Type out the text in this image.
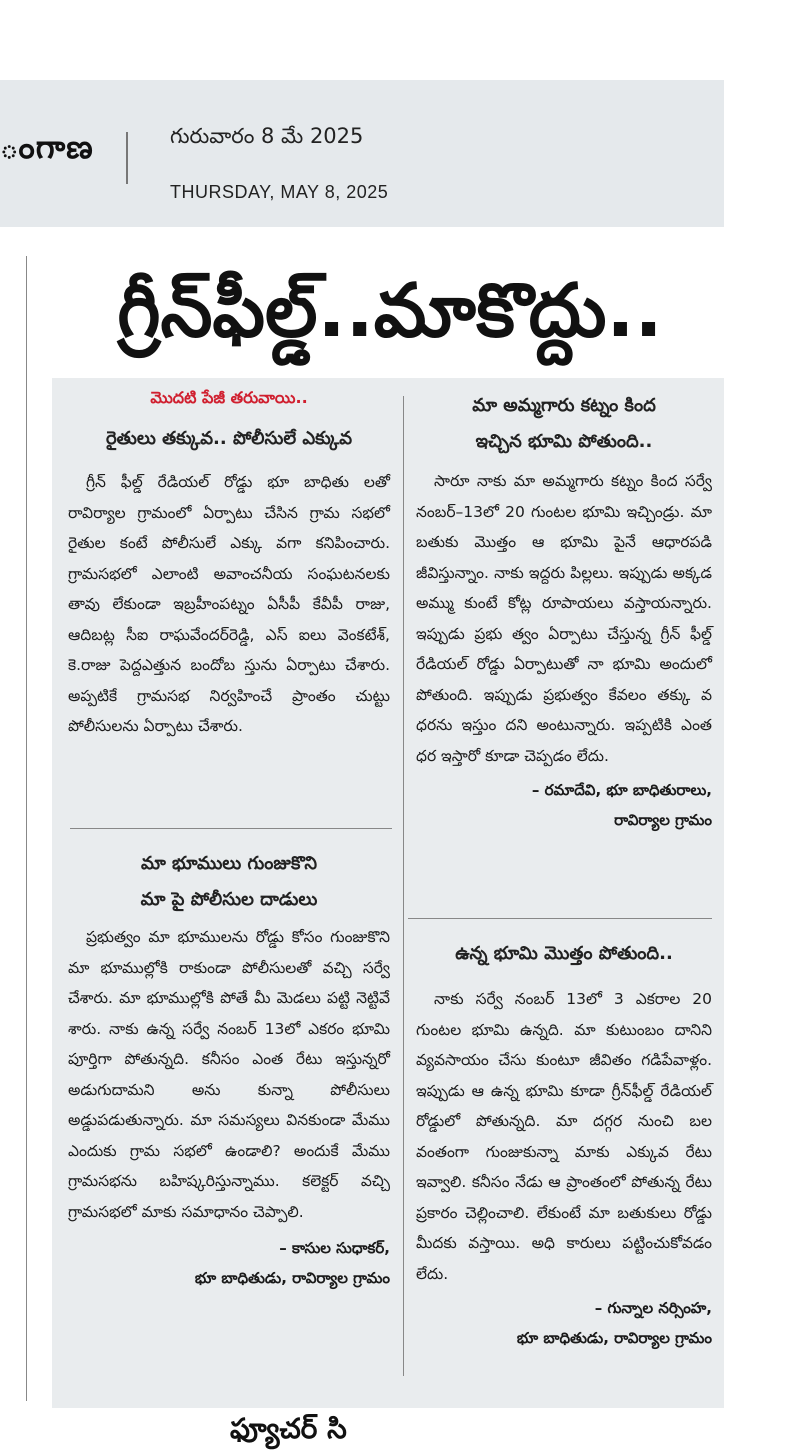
ంగాణ	గురువారం 8 మే 2025
THURSDAY, MAY 8, 2025
గ్రీన్‌ఫీల్డ్..మాకొద్దు..
మొదటి పేజీ తరువాయి..
రైతులు తక్కువ.. పోలీసులే ఎక్కువ

గ్రీన్ ఫీల్డ్ రేడియల్ రోడ్డు భూ బాధితు లతో రావిర్యాల గ్రామంలో ఏర్పాటు చేసిన గ్రామ సభలో రైతుల కంటే పోలీసులే ఎక్కు వగా కనిపించారు. గ్రామసభలో ఎలాంటి అవాంచనీయ సంఘటనలకు తావు లేకుండా ఇబ్రహీంపట్నం ఏసీపీ కేవీపీ రాజు, ఆదిబట్ల సీఐ రాఘవేందర్‌రెడ్డి, ఎస్ ఐలు వెంకటేశ్, కె.రాజు పెద్దఎత్తున బందోబ స్తును ఏర్పాటు చేశారు. అప్పటికే గ్రామసభ నిర్వహించే ప్రాంతం చుట్టు పోలీసులను ఏర్పాటు చేశారు.

మా భూములు గుంజుకొని
మా పై పోలీసుల దాడులు

ప్రభుత్వం మా భూములను రోడ్డు కోసం గుంజుకొని మా భూముల్లోకి రాకుండా పోలీసులతో వచ్చి సర్వే చేశారు. మా భూముల్లోకి పోతే మీ మెడలు పట్టి నెట్టివే శారు. నాకు ఉన్న సర్వే నంబర్ 13లో ఎకరం భూమి పూర్తిగా పోతున్నది. కనీసం ఎంత రేటు ఇస్తున్నరో అడుగుదామని అను కున్నా పోలీసులు అడ్డుపడుతున్నారు. మా సమస్యలు వినకుండా మేము ఎందుకు గ్రామ సభలో ఉండాలి? అందుకే మేము గ్రామసభను బహిష్కరిస్తున్నాము. కలెక్టర్ వచ్చి గ్రామసభలో మాకు సమాధానం చెప్పాలి.

– కాసుల సుధాకర్,
భూ బాధితుడు, రావిర్యాల గ్రామం
మా అమ్మగారు కట్నం కింద
ఇచ్చిన భూమి పోతుంది..

సారూ నాకు మా అమ్మగారు కట్నం కింద సర్వే నంబర్–13లో 20 గుంటల భూమి ఇచ్చిండ్రు. మా బతుకు మొత్తం ఆ భూమి పైనే ఆధారపడి జీవిస్తున్నాం. నాకు ఇద్దరు పిల్లలు. ఇప్పుడు అక్కడ అమ్ము కుంటే కోట్ల రూపాయలు వస్తాయన్నారు. ఇప్పుడు ప్రభు త్వం ఏర్పాటు చేస్తున్న గ్రీన్ ఫీల్డ్ రేడియల్ రోడ్డు ఏర్పాటుతో నా భూమి అందులో పోతుంది. ఇప్పుడు ప్రభుత్వం కేవలం తక్కు వ ధరను ఇస్తుం దని అంటున్నారు. ఇప్పటికి ఎంత ధర ఇస్తారో కూడా చెప్పడం లేదు.

– రమాదేవి, భూ బాధితురాలు,
రావిర్యాల గ్రామం
ఉన్న భూమి మొత్తం పోతుంది..

నాకు సర్వే నంబర్ 13లో 3 ఎకరాల 20 గుంటల భూమి ఉన్నది. మా కుటుంబం దానిని వ్యవసాయం చేసు కుంటూ జీవితం గడిపేవాళ్లం. ఇప్పుడు ఆ ఉన్న భూమి కూడా గ్రీన్‌ఫీల్డ్ రేడియల్ రోడ్డులో పోతున్నది. మా దగ్గర నుంచి బల వంతంగా గుంజుకున్నా మాకు ఎక్కువ రేటు ఇవ్వాలి. కనీసం నేడు ఆ ప్రాంతంలో పోతున్న రేటు ప్రకారం చెల్లించాలి. లేకుంటే మా బతుకులు రోడ్డు మీదకు వస్తాయి. అధి కారులు పట్టించుకోవడం లేదు.

– గున్నాల నర్సింహ,
భూ బాధితుడు, రావిర్యాల గ్రామం
ఫ్యూచర్ సి
